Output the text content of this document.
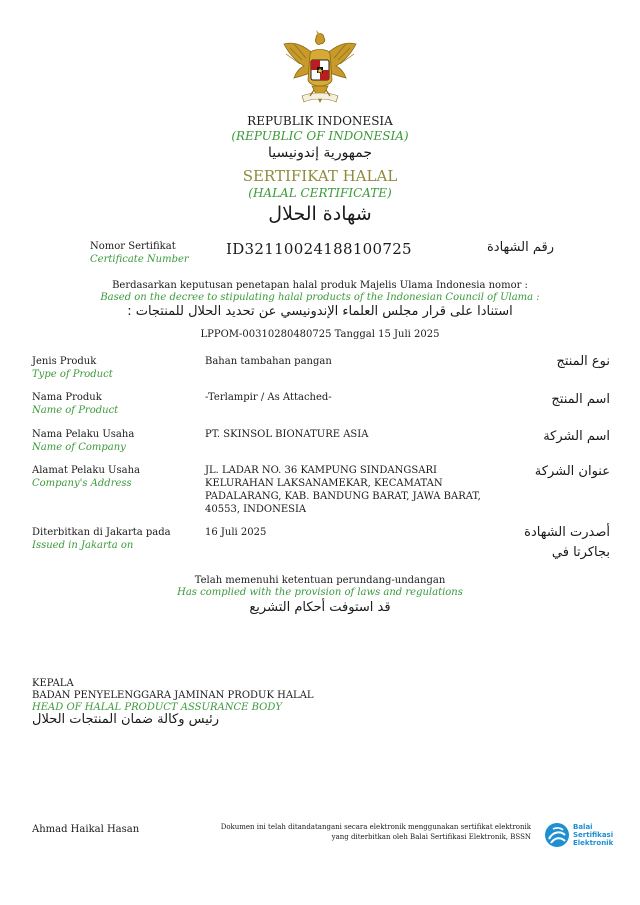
REPUBLIK INDONESIA
(REPUBLIC OF INDONESIA)
جمهورية إندونيسيا
SERTIFIKAT HALAL
(HALAL CERTIFICATE)
شهادة الحلال
Nomor Sertifikat
Certificate Number
ID32110024188100725	رقم الشهادة
Berdasarkan keputusan penetapan halal produk Majelis Ulama Indonesia nomor :
Based on the decree to stipulating halal products of the Indonesian Council of Ulama :
استنادا على قرار مجلس العلماء الإندونيسي عن تحديد الحلال للمنتجات :
LPPOM-00310280480725 Tanggal 15 Juli 2025
Jenis Produk
Type of Product
Bahan tambahan pangan	نوع المنتج
Nama Produk
Name of Product
-Terlampir / As Attached-	اسم المنتج
Nama Pelaku Usaha
Name of Company
PT. SKINSOL BIONATURE ASIA	اسم الشركة
Alamat Pelaku Usaha
Company's Address
JL. LADAR NO. 36 KAMPUNG SINDANGSARI
KELURAHAN LAKSANAMEKAR, KECAMATAN
PADALARANG, KAB. BANDUNG BARAT, JAWA BARAT,
40553, INDONESIA
عنوان الشركة
Diterbitkan di Jakarta pada
Issued in Jakarta on
16 Juli 2025	أصدرت الشهادة
بجاكرتا في
Telah memenuhi ketentuan perundang-undangan
Has complied with the provision of laws and regulations
قد استوفت أحكام التشريع
KEPALA
BADAN PENYELENGGARA JAMINAN PRODUK HALAL
HEAD OF HALAL PRODUCT ASSURANCE BODY
رئيس وكالة ضمان المنتجات الحلال
Ahmad Haikal Hasan	Dokumen ini telah ditandatangani secara elektronik menggunakan sertifikat elektronik
yang diterbitkan oleh Balai Sertifikasi Elektronik, BSSN
Balai
Sertifikasi
Elektronik
